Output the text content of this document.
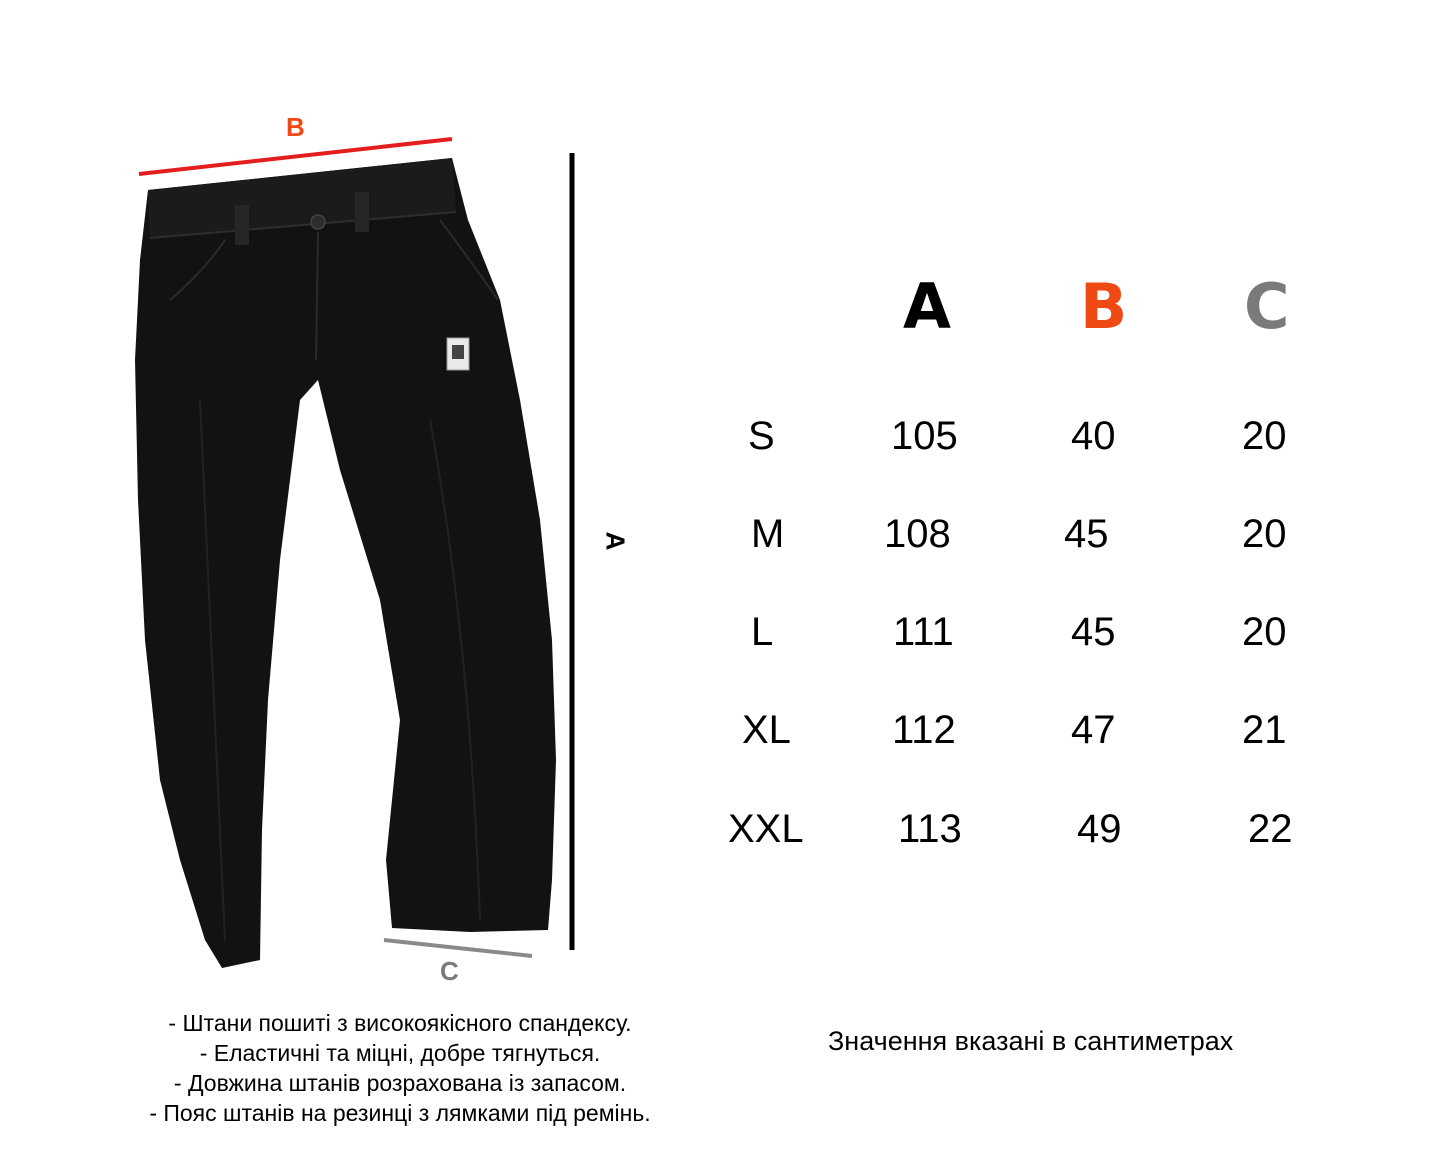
B
C
A
A B C
S	105	40	20
M 108	45	20
L	111	45	20
XL	112	47	21
XXL 113	49	22
- Штани пошиті з високоякісного спандексу.
- Еластичні та міцні, добре тягнуться.
- Довжина штанів розрахована із запасом.
- Пояс штанів на резинці з лямками під ремінь.
Значення вказані в сантиметрах
